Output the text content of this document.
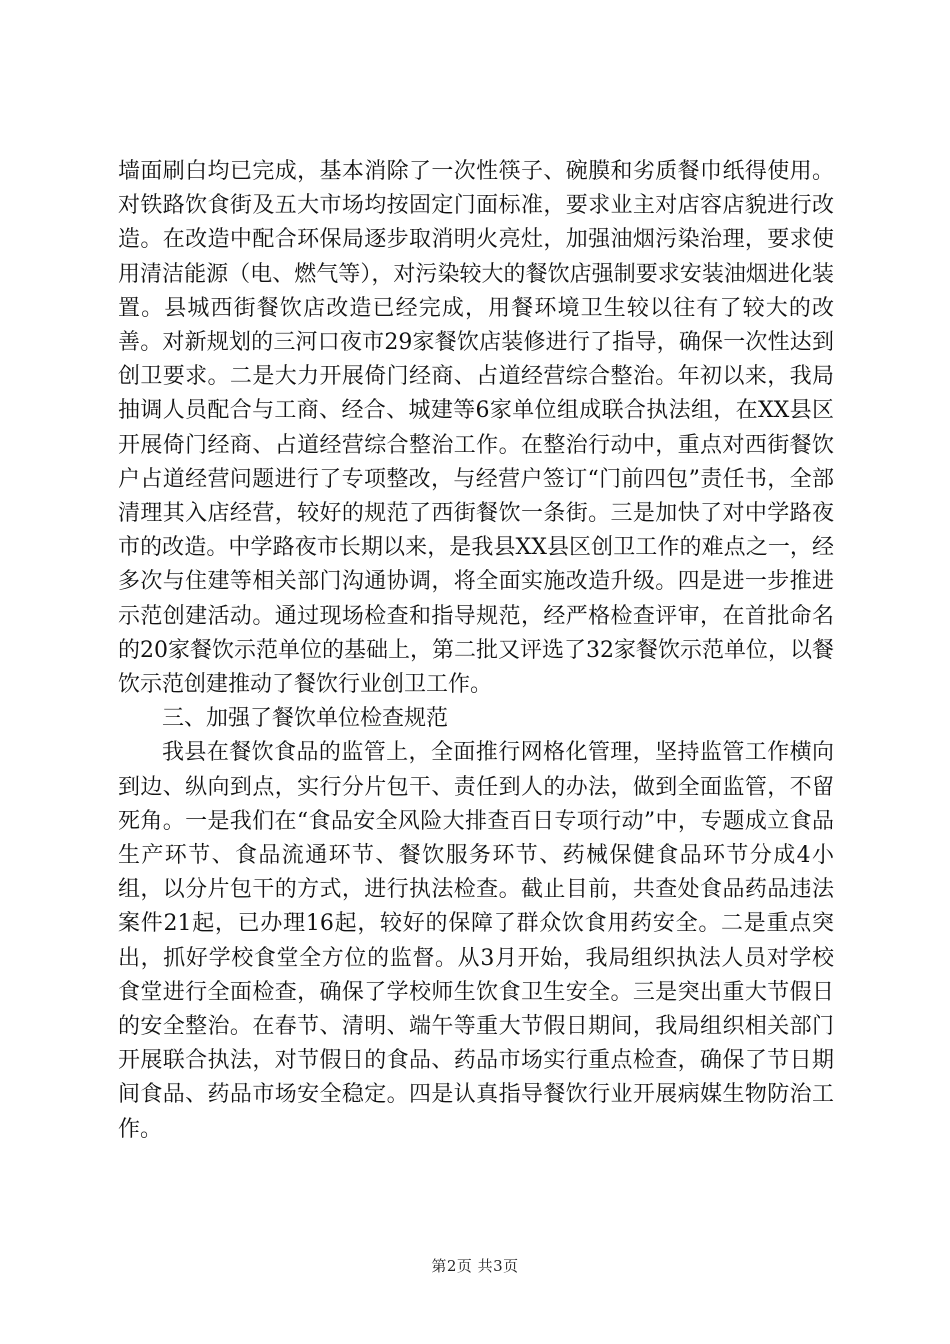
墙面刷白均已完成，基本消除了一次性筷子、碗膜和劣质餐巾纸得使用。对铁路饮食街及五大市场均按固定门面标准，要求业主对店容店貌进行改造。在改造中配合环保局逐步取消明火亮灶，加强油烟污染治理，要求使用清洁能源（电、燃气等），对污染较大的餐饮店强制要求安装油烟进化装置。县城西街餐饮店改造已经完成，用餐环境卫生较以往有了较大的改善。对新规划的三河口夜市29家餐饮店装修进行了指导，确保一次性达到创卫要求。二是大力开展倚门经商、占道经营综合整治。年初以来，我局抽调人员配合与工商、经合、城建等6家单位组成联合执法组，在XX县区开展倚门经商、占道经营综合整治工作。在整治行动中，重点对西街餐饮户占道经营问题进行了专项整改，与经营户签订“门前四包”责任书，全部清理其入店经营，较好的规范了西街餐饮一条街。三是加快了对中学路夜市的改造。中学路夜市长期以来，是我县XX县区创卫工作的难点之一，经多次与住建等相关部门沟通协调，将全面实施改造升级。四是进一步推进示范创建活动。通过现场检查和指导规范，经严格检查评审，在首批命名的20家餐饮示范单位的基础上，第二批又评选了32家餐饮示范单位，以餐饮示范创建推动了餐饮行业创卫工作。

三、加强了餐饮单位检查规范

我县在餐饮食品的监管上，全面推行网格化管理，坚持监管工作横向到边、纵向到点，实行分片包干、责任到人的办法，做到全面监管，不留死角。一是我们在“食品安全风险大排查百日专项行动”中，专题成立食品生产环节、食品流通环节、餐饮服务环节、药械保健食品环节分成4小组，以分片包干的方式，进行执法检查。截止目前，共查处食品药品违法案件21起，已办理16起，较好的保障了群众饮食用药安全。二是重点突出，抓好学校食堂全方位的监督。从3月开始，我局组织执法人员对学校食堂进行全面检查，确保了学校师生饮食卫生安全。三是突出重大节假日的安全整治。在春节、清明、端午等重大节假日期间，我局组织相关部门开展联合执法，对节假日的食品、药品市场实行重点检查，确保了节日期间食品、药品市场安全稳定。四是认真指导餐饮行业开展病媒生物防治工作。

第2页 共3页
